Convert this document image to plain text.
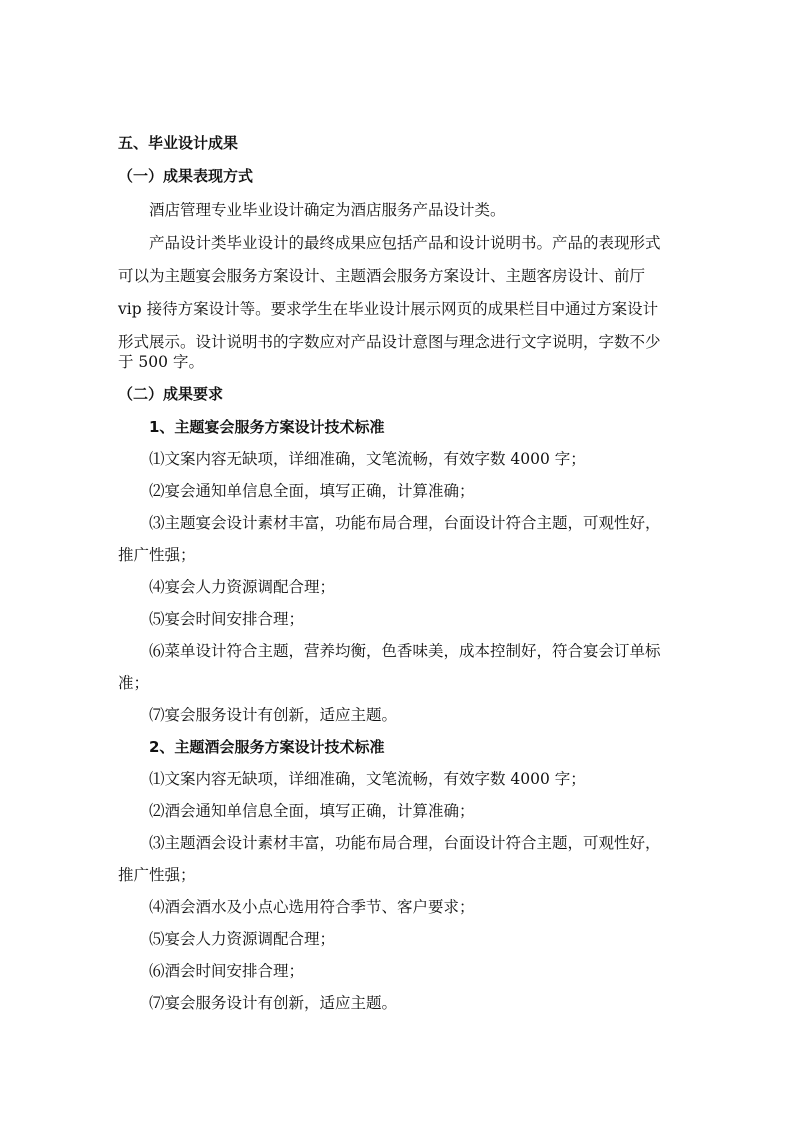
五、毕业设计成果
（一）成果表现方式
酒店管理专业毕业设计确定为酒店服务产品设计类。
产品设计类毕业设计的最终成果应包括产品和设计说明书。产品的表现形式
可以为主题宴会服务方案设计、主题酒会服务方案设计、主题客房设计、前厅
vip 接待方案设计等。要求学生在毕业设计展示网页的成果栏目中通过方案设计
形式展示。设计说明书的字数应对产品设计意图与理念进行文字说明，字数不少
于 500 字。
（二）成果要求
1、主题宴会服务方案设计技术标准
⑴文案内容无缺项，详细准确，文笔流畅，有效字数 4000 字；
⑵宴会通知单信息全面，填写正确，计算准确；
⑶主题宴会设计素材丰富，功能布局合理，台面设计符合主题，可观性好，
推广性强；
⑷宴会人力资源调配合理；
⑸宴会时间安排合理；
⑹菜单设计符合主题，营养均衡，色香味美，成本控制好，符合宴会订单标
准；
⑺宴会服务设计有创新，适应主题。
2、主题酒会服务方案设计技术标准
⑴文案内容无缺项，详细准确，文笔流畅，有效字数 4000 字；
⑵酒会通知单信息全面，填写正确，计算准确；
⑶主题酒会设计素材丰富，功能布局合理，台面设计符合主题，可观性好，
推广性强；
⑷酒会酒水及小点心选用符合季节、客户要求；
⑸宴会人力资源调配合理；
⑹酒会时间安排合理；
⑺宴会服务设计有创新，适应主题。
